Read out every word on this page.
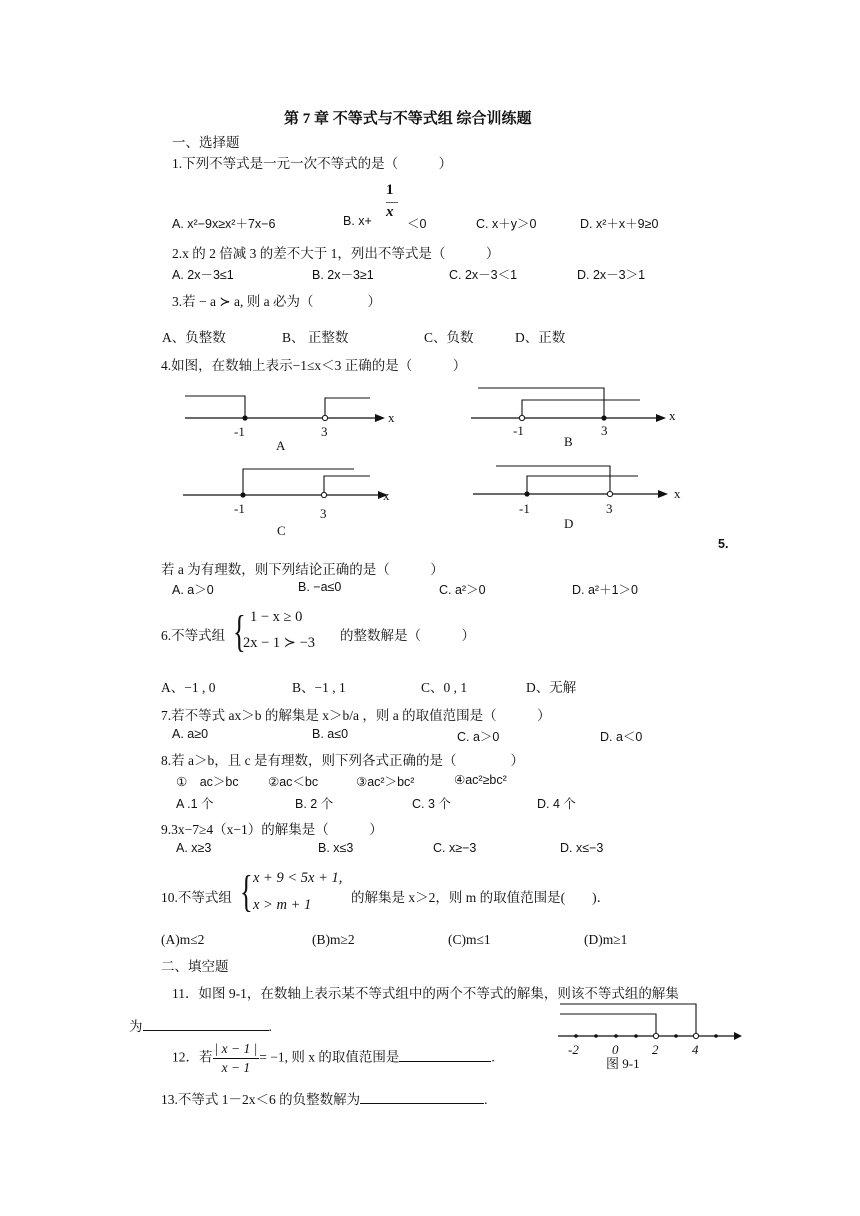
第 7 章 不等式与不等式组 综合训练题
一、选择题
1.下列不等式是一元一次不等式的是（　　　）
A. x²−9x≥x²＋7x−6	B. x+
1
x
＜0	C. x＋y＞0	D. x²＋x＋9≥0
2.x 的 2 倍减 3 的差不大于 1，列出不等式是（　　　）
A. 2x－3≤1	B. 2x－3≥1	C. 2x－3＜1	D. 2x－3＞1
3.若 − a ≻ a, 则 a 必为（　　　　）
A、负整数	B、 正整数	C、负数	D、正数
4.如图，在数轴上表示−1≤x＜3 正确的是（　　　）
x
-1	3
A
x
-1	3
B
x
-1	3
C
x
-1	3
D
5.
若 a 为有理数，则下列结论正确的是（　　　）
A. a＞0	B. −a≤0	C. a²＞0	D. a²＋1＞0
6.不等式组 { 1 − x ≥ 0
2x − 1 ≻ −3 的整数解是（　　　）
A、−1 , 0	B、−1 , 1	C、0 , 1	D、无解
7.若不等式 ax＞b 的解集是 x＞b/a ，则 a 的取值范围是（　　　）
A. a≥0	B. a≤0	C. a＞0	D. a＜0
8.若 a＞b，且 c 是有理数，则下列各式正确的是（　　　　）
①　ac＞bc ②ac＜bc	③ac²＞bc²	④ac²≥bc²
A .1 个	B. 2 个	C. 3 个	D. 4 个
9.3x−7≥4（x−1）的解集是（　　　）
A. x≥3	B. x≤3	C. x≥−3	D. x≤−3
10.不等式组 { x + 9 < 5x + 1,
x > m + 1	的解集是 x＞2，则 m 的取值范围是(　　)．
(A)m≤2	(B)m≥2	(C)m≤1	(D)m≥1
二、填空题
11．如图 9-1，在数轴上表示某不等式组中的两个不等式的解集，则该不等式组的解集
为	.
-2	0	2	4
图 9-1
12．若 $\frac{| x - 1 |}{x - 1} = -1$, 则 x 的取值范围是	.
13.不等式 1－2x＜6 的负整数解为	.
